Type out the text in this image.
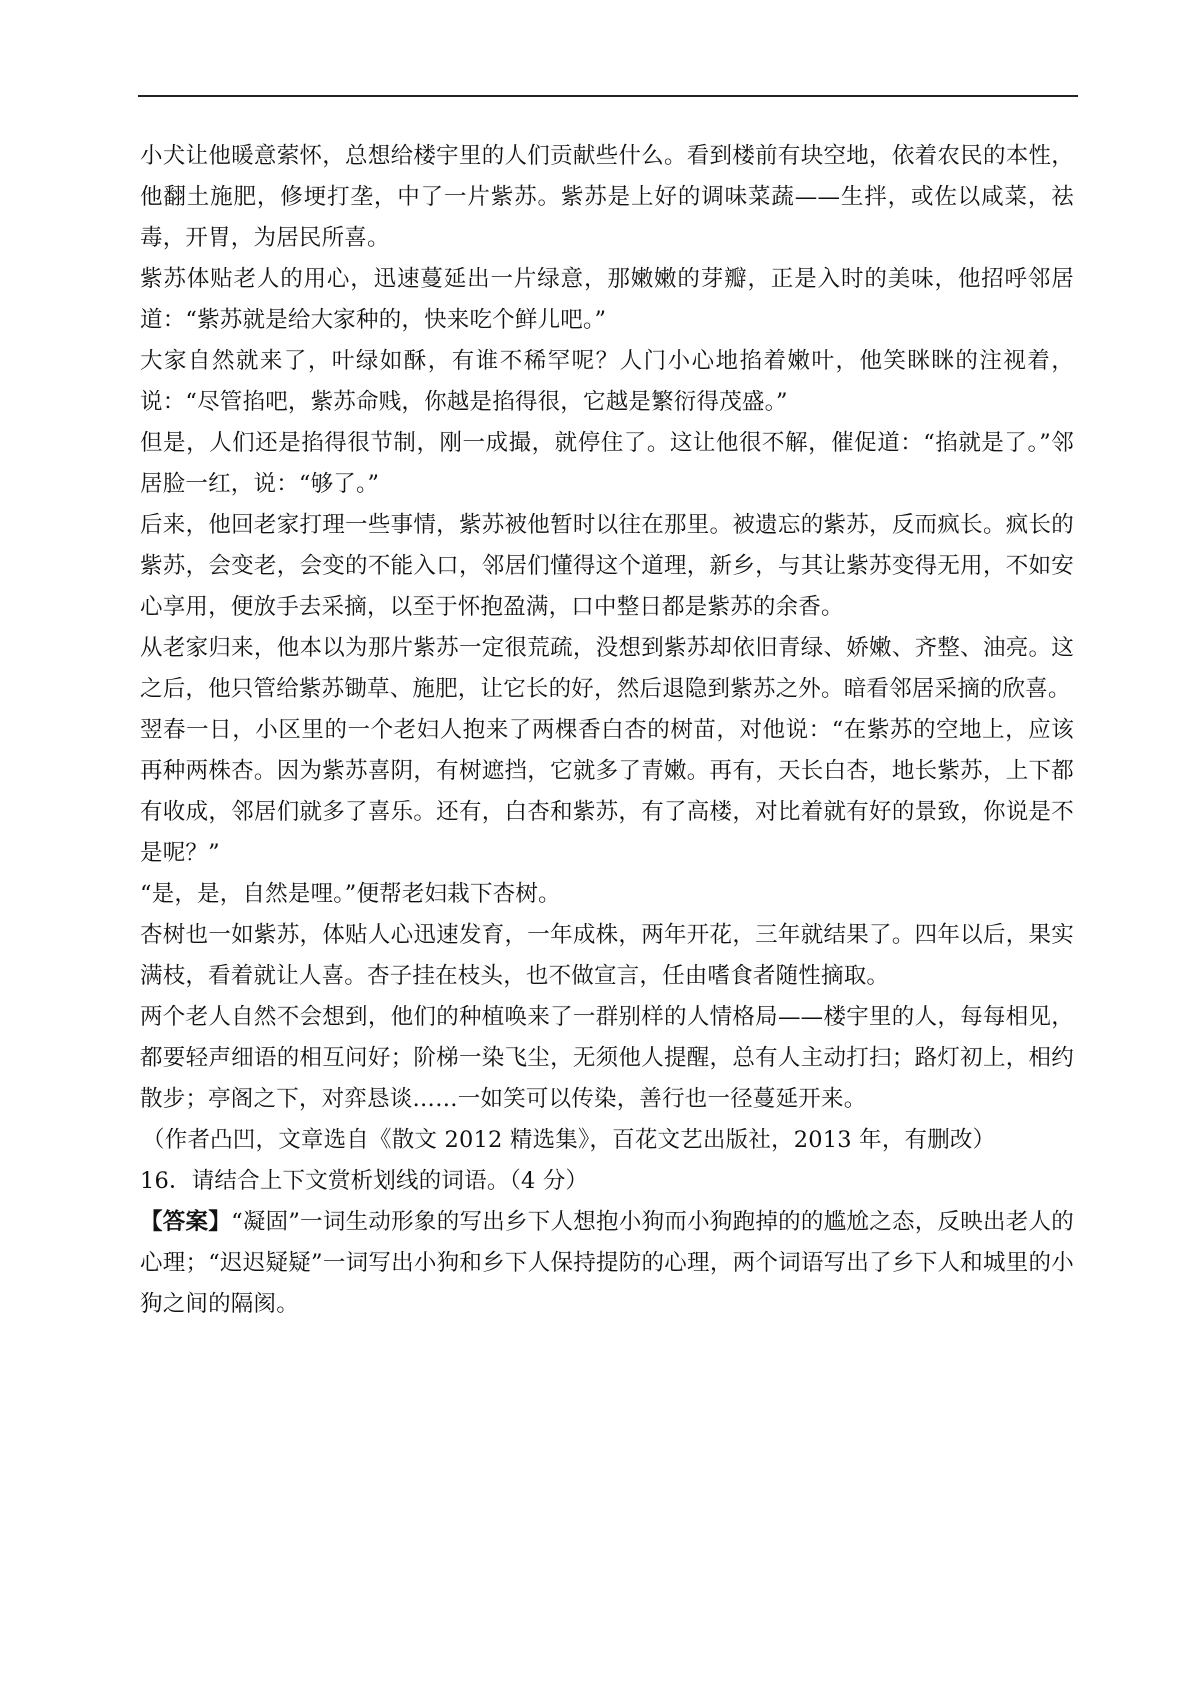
小犬让他暖意萦怀，总想给楼宇里的人们贡献些什么。看到楼前有块空地，依着农民的本性，他翻土施肥，修埂打垄，中了一片紫苏。紫苏是上好的调味菜蔬——生拌，或佐以咸菜，祛毒，开胃，为居民所喜。

紫苏体贴老人的用心，迅速蔓延出一片绿意，那嫩嫩的芽瓣，正是入时的美味，他招呼邻居道：“紫苏就是给大家种的，快来吃个鲜儿吧。”

大家自然就来了，叶绿如酥，有谁不稀罕呢？人门小心地掐着嫩叶，他笑眯眯的注视着，说：“尽管掐吧，紫苏命贱，你越是掐得很，它越是繁衍得茂盛。”

但是，人们还是掐得很节制，刚一成撮，就停住了。这让他很不解，催促道：“掐就是了。”邻居脸一红，说：“够了。”

后来，他回老家打理一些事情，紫苏被他暂时以往在那里。被遗忘的紫苏，反而疯长。疯长的紫苏，会变老，会变的不能入口，邻居们懂得这个道理，新乡，与其让紫苏变得无用，不如安心享用，便放手去采摘，以至于怀抱盈满，口中整日都是紫苏的余香。

从老家归来，他本以为那片紫苏一定很荒疏，没想到紫苏却依旧青绿、娇嫩、齐整、油亮。这之后，他只管给紫苏锄草、施肥，让它长的好，然后退隐到紫苏之外。暗看邻居采摘的欣喜。

翌春一日，小区里的一个老妇人抱来了两棵香白杏的树苗，对他说：“在紫苏的空地上，应该再种两株杏。因为紫苏喜阴，有树遮挡，它就多了青嫩。再有，天长白杏，地长紫苏，上下都有收成，邻居们就多了喜乐。还有，白杏和紫苏，有了高楼，对比着就有好的景致，你说是不是呢？”

“是，是，自然是哩。”便帮老妇栽下杏树。

杏树也一如紫苏，体贴人心迅速发育，一年成株，两年开花，三年就结果了。四年以后，果实满枝，看着就让人喜。杏子挂在枝头，也不做宣言，任由嗜食者随性摘取。

两个老人自然不会想到，他们的种植唤来了一群别样的人情格局——楼宇里的人，每每相见，都要轻声细语的相互问好；阶梯一染飞尘，无须他人提醒，总有人主动打扫；路灯初上，相约散步；亭阁之下，对弈恳谈……一如笑可以传染，善行也一径蔓延开来。

（作者凸凹，文章选自《散文 2012 精选集》，百花文艺出版社，2013 年，有删改）

16．请结合上下文赏析划线的词语。（4 分）

【答案】“凝固”一词生动形象的写出乡下人想抱小狗而小狗跑掉的的尴尬之态，反映出老人的心理；“迟迟疑疑”一词写出小狗和乡下人保持提防的心理，两个词语写出了乡下人和城里的小狗之间的隔阂。
